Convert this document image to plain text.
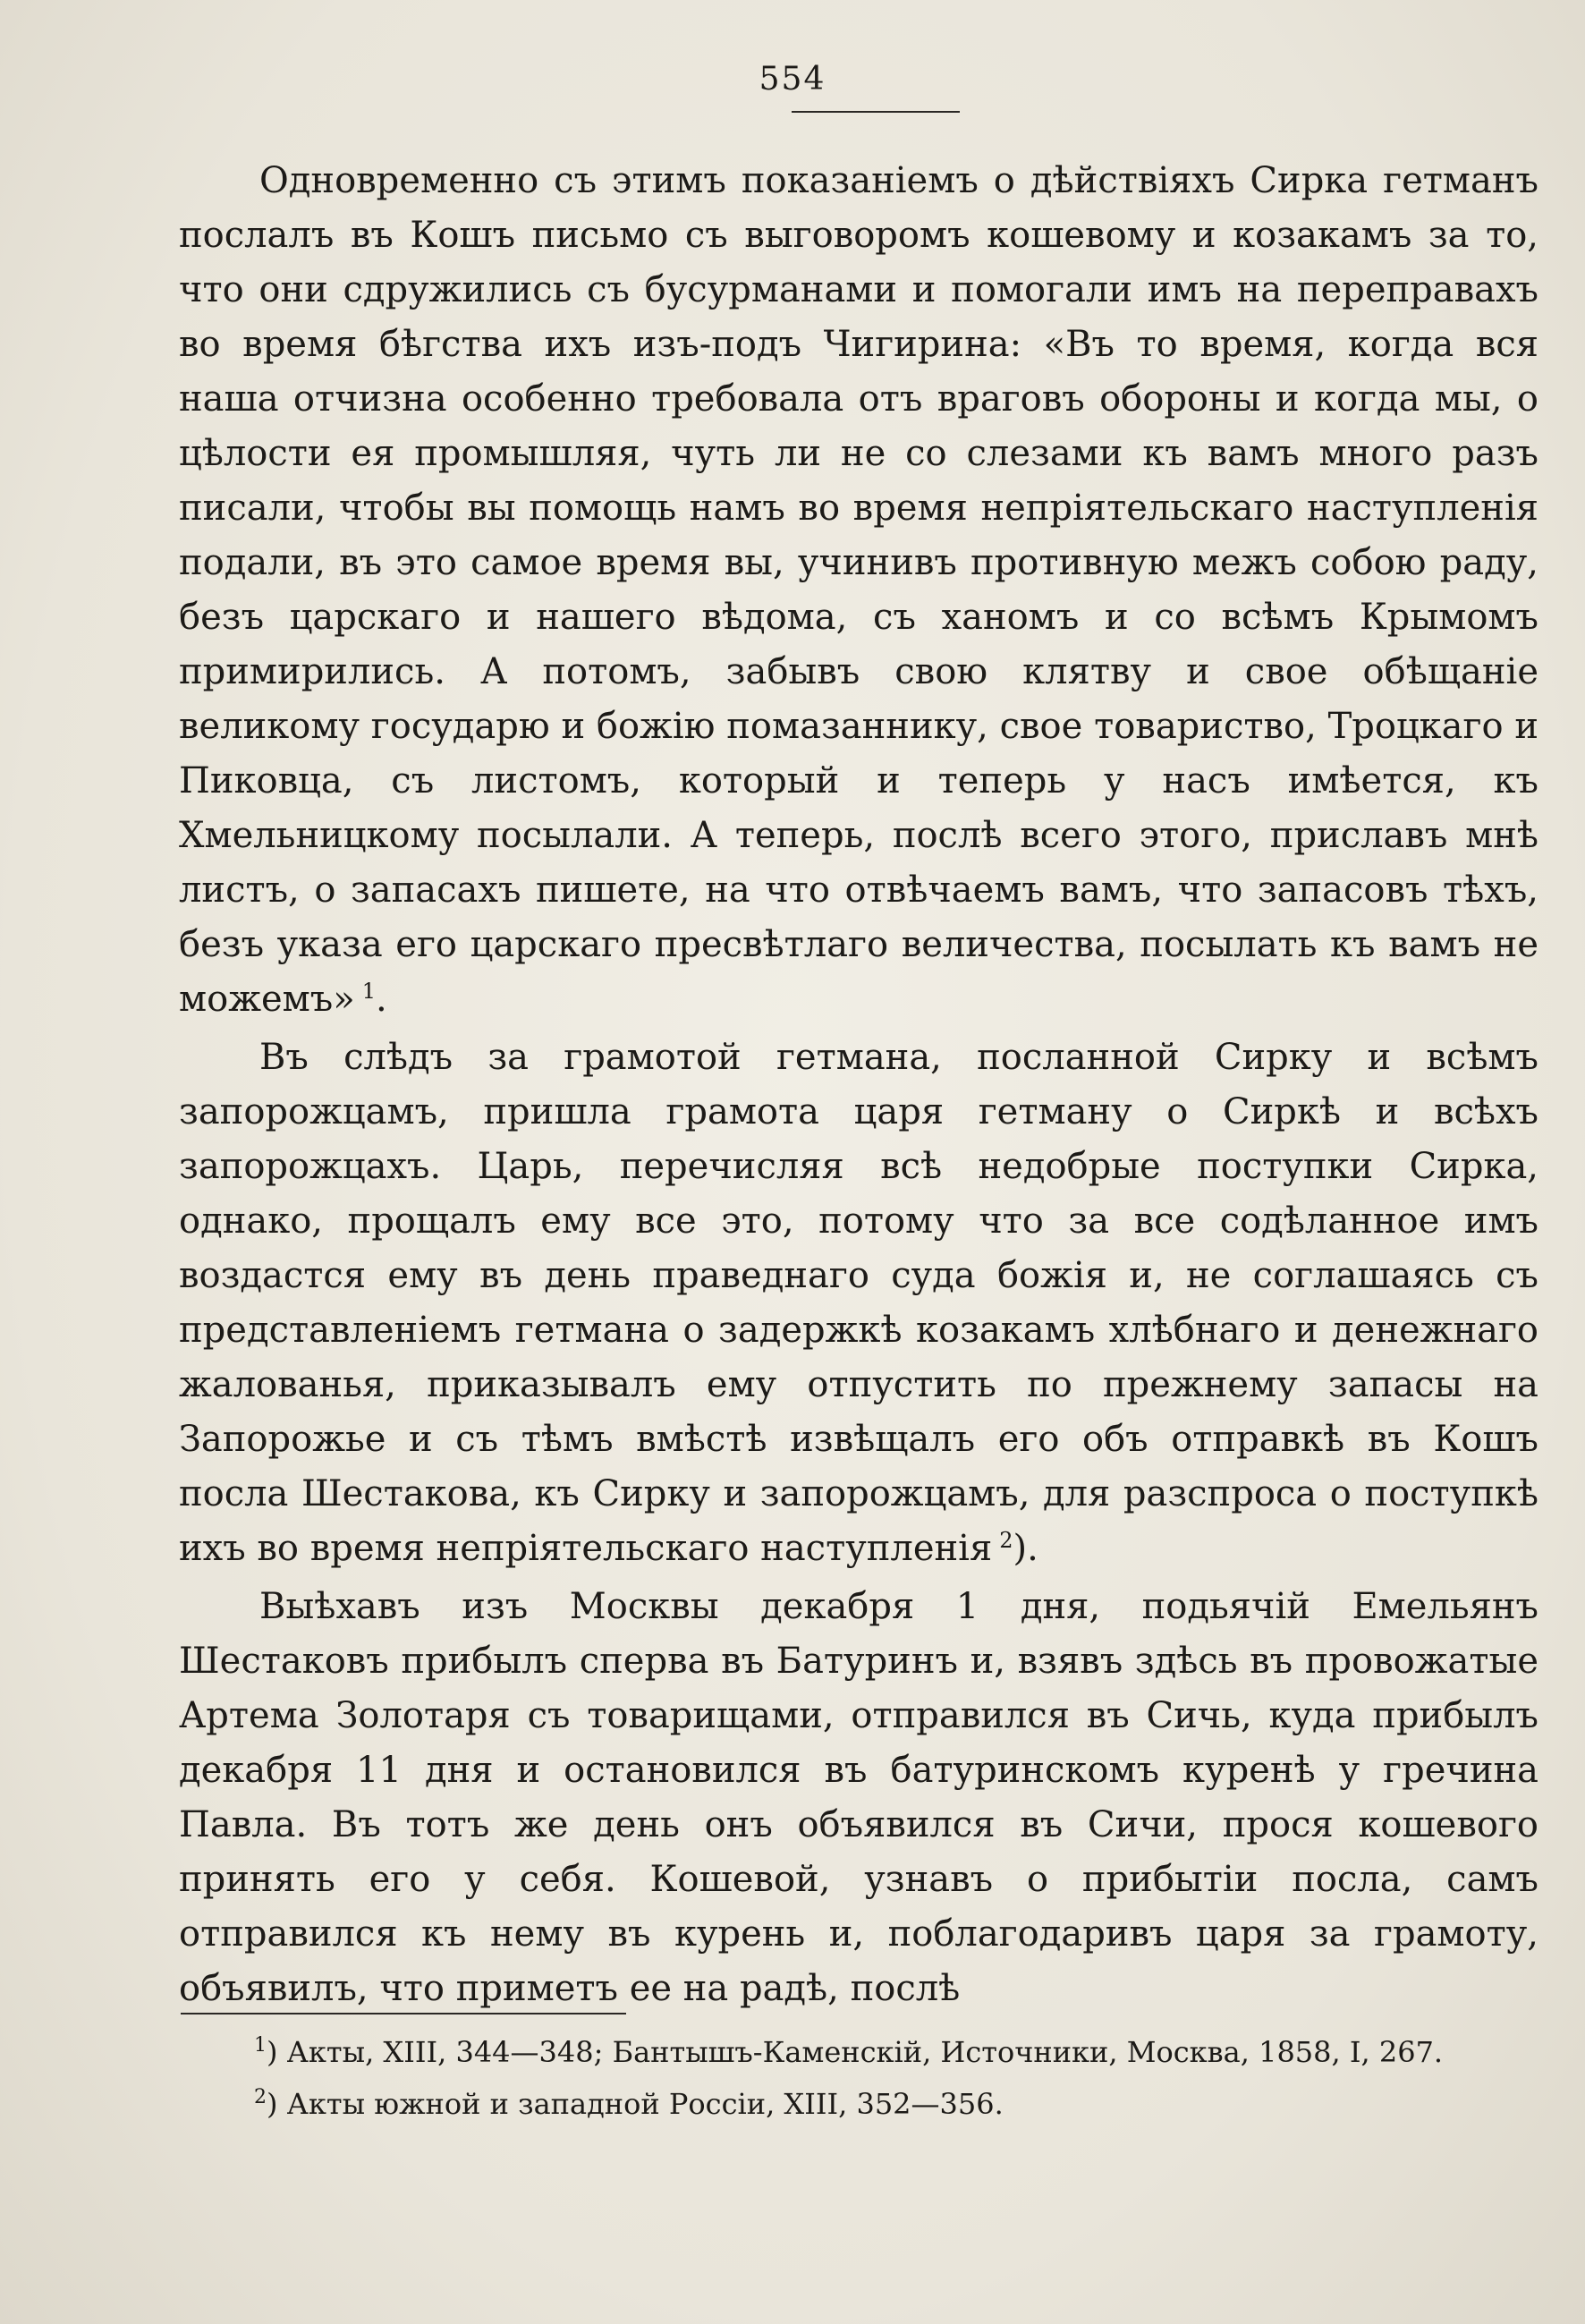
554

Одновременно съ этимъ показаніемъ о дѣйствіяхъ Сирка гетманъ послалъ въ Кошъ письмо съ выговоромъ кошевому и козакамъ за то, что они сдружились съ бусурманами и помогали имъ на переправахъ во время бѣгства ихъ изъ-подъ Чигирина: «Въ то время, когда вся наша отчизна особенно требовала отъ враговъ обороны и когда мы, о цѣлости ея промышляя, чуть ли не со слезами къ вамъ много разъ писали, чтобы вы помощь намъ во время непріятельскаго наступленія подали, въ это самое время вы, учинивъ противную межъ собою раду, безъ царскаго и нашего вѣдома, съ ханомъ и со всѣмъ Крымомъ примирились. А потомъ, забывъ свою клятву и свое обѣщаніе великому государю и божію помазаннику, свое товариство, Троцкаго и Пиковца, съ листомъ, который и теперь у насъ имѣется, къ Хмельницкому посылали. А теперь, послѣ всего этого, приславъ мнѣ листъ, о запасахъ пишете, на что отвѣчаемъ вамъ, что запасовъ тѣхъ, безъ указа его царскаго пресвѣтлаго величества, посылать къ вамъ не можемъ»  $^1$.

Въ слѣдъ за грамотой гетмана, посланной Сирку и всѣмъ запорожцамъ, пришла грамота царя гетману о Сиркѣ и всѣхъ запорожцахъ. Царь, перечисляя всѣ недобрые поступки Сирка, однако, прощалъ ему все это, потому что за все содѣланное имъ воздастся ему въ день праведнаго суда божія и, не соглашаясь съ представленіемъ гетмана о задержкѣ козакамъ хлѣбнаго и денежнаго жалованья, приказывалъ ему отпустить по прежнему запасы на Запорожье и съ тѣмъ вмѣстѣ извѣщалъ его объ отправкѣ въ Кошъ посла Шестакова, къ Сирку и запорожцамъ, для разспроса о поступкѣ ихъ во время непріятельскаго наступленія  $^2$).

Выѣхавъ изъ Москвы декабря 1 дня, подьячій Емельянъ Шестаковъ прибылъ сперва въ Батуринъ и, взявъ здѣсь въ провожатые Артема Золотаря съ товарищами, отправился въ Сичь, куда прибылъ декабря 11 дня и остановился въ батуринскомъ куренѣ у гречина Павла. Въ тотъ же день онъ объявился въ Сичи, прося кошевого принять его у себя. Кошевой, узнавъ о прибытіи посла, самъ отправился къ нему въ курень и, поблагодаривъ царя за грамоту, объявилъ, что приметъ ее на радѣ, послѣ

$^1$) Акты, XIII, 344—348; Бантышъ-Каменскій, Источники, Москва, 1858, I, 267.

$^2$) Акты южной и западной Россіи, XIII, 352—356.
